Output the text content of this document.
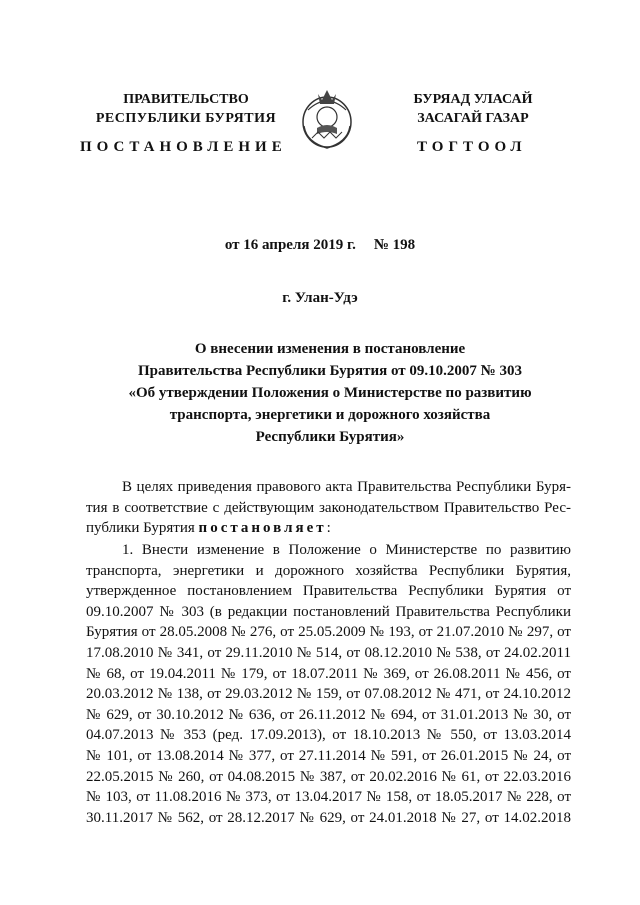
ПРАВИТЕЛЬСТВО
РЕСПУБЛИКИ БУРЯТИЯ
БУРЯАД УЛАСАЙ
ЗАСАГАЙ ГАЗАР
ПОСТАНОВЛЕНИЕ	ТОГТООЛ
от 16 апреля 2019 г. № 198
г. Улан-Удэ
О внесении изменения в постановление
Правительства Республики Бурятия от 09.10.2007 № 303
«Об утверждении Положения о Министерстве по развитию
транспорта, энергетики и дорожного хозяйства
Республики Бурятия»
В целях приведения правового акта Правительства Республики Буря-
тия в соответствие с действующим законодательством Правительство Рес-
публики Бурятия постановляет:
1. Внести изменение в Положение о Министерстве по развитию
транспорта, энергетики и дорожного хозяйства Республики Бурятия,
утвержденное постановлением Правительства Республики Бурятия от
09.10.2007 № 303 (в редакции постановлений Правительства Республики
Бурятия от 28.05.2008 № 276, от 25.05.2009 № 193, от 21.07.2010 № 297, от
17.08.2010 № 341, от 29.11.2010 № 514, от 08.12.2010 № 538, от 24.02.2011
№ 68, от 19.04.2011 № 179, от 18.07.2011 № 369, от 26.08.2011 № 456, от
20.03.2012 № 138, от 29.03.2012 № 159, от 07.08.2012 № 471, от 24.10.2012
№ 629, от 30.10.2012 № 636, от 26.11.2012 № 694, от 31.01.2013 № 30, от
04.07.2013 № 353 (ред. 17.09.2013), от 18.10.2013 № 550, от 13.03.2014
№ 101, от 13.08.2014 № 377, от 27.11.2014 № 591, от 26.01.2015 № 24, от
22.05.2015 № 260, от 04.08.2015 № 387, от 20.02.2016 № 61, от 22.03.2016
№ 103, от 11.08.2016 № 373, от 13.04.2017 № 158, от 18.05.2017 № 228, от
30.11.2017 № 562, от 28.12.2017 № 629, от 24.01.2018 № 27, от 14.02.2018
